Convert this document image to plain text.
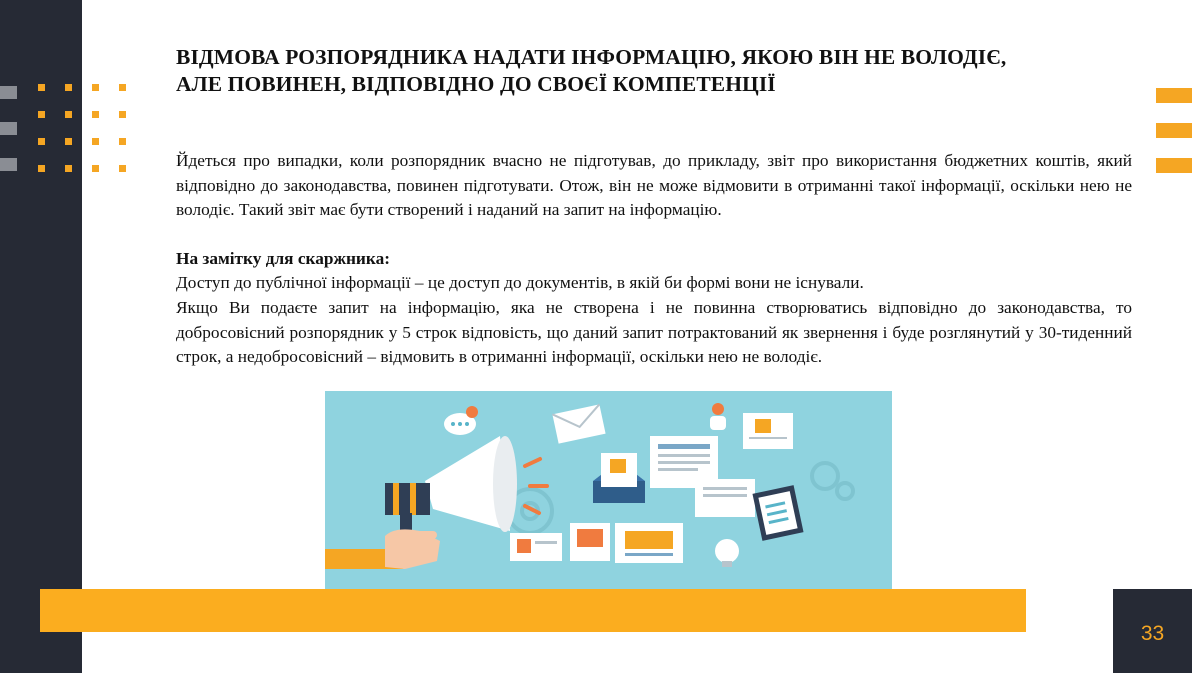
ВІДМОВА РОЗПОРЯДНИКА НАДАТИ ІНФОРМАЦІЮ, ЯКОЮ ВІН НЕ ВОЛОДІЄ,
АЛЕ ПОВИНЕН, ВІДПОВІДНО ДО СВОЄЇ КОМПЕТЕНЦІЇ

Йдеться про випадки, коли розпорядник вчасно не підготував, до прикладу, звіт про використання бюджетних коштів, який відповідно до законодавства, повинен підготувати. Отож, він не може відмовити в отриманні такої інформації, оскільки нею не володіє. Такий звіт має бути створений і наданий на запит на інформацію.

На замітку для скаржника:

Доступ до публічної інформації – це доступ до документів, в якій би формі вони не існували.

Якщо Ви подаєте запит на інформацію, яка не створена і не повинна створюватись відповідно до законодавства, то добросовісний розпорядник у 5 строк відповість, що даний запит потрактований як звернення і буде розглянутий у 30-тиденний строк, а недобросовісний – відмовить в отриманні інформації, оскільки нею не володіє.

33
